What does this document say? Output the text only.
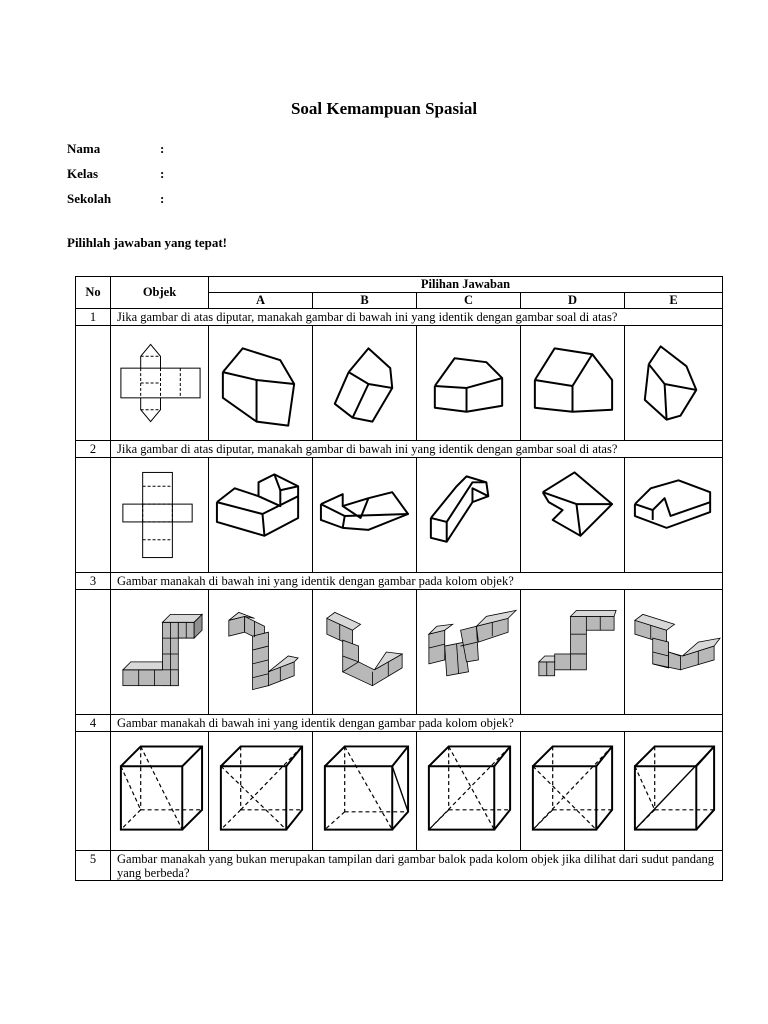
Soal Kemampuan Spasial
Nama	:
Kelas	:
Sekolah	:
Pilihlah jawaban yang tepat!
No	Objek	Pilihan Jawaban				
		A	B	C	D	E
1	Jika gambar di atas diputar, manakah gambar di bawah ini yang identik dengan gambar soal di atas?					

2	Jika gambar di atas diputar, manakah gambar di bawah ini yang identik dengan gambar soal di atas?					

3	Gambar manakah di bawah ini yang identik dengan gambar pada kolom objek?					

4	Gambar manakah di bawah ini yang identik dengan gambar pada kolom objek?					

5	Gambar manakah yang bukan merupakan tampilan dari gambar balok pada kolom objek jika dilihat dari sudut pandang yang berbeda?					
